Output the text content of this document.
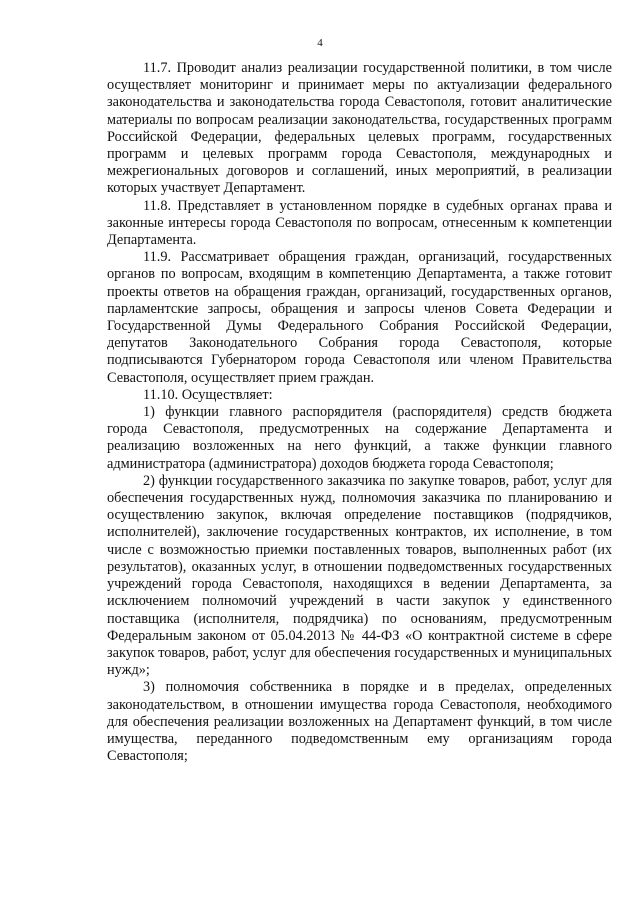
4

11.7. Проводит анализ реализации государственной политики, в том числе осуществляет мониторинг и принимает меры по актуализации федерального законодательства и законодательства города Севастополя, готовит аналитические материалы по вопросам реализации законодательства, государственных программ Российской Федерации, федеральных целевых программ, государственных программ и целевых программ города Севастополя, международных и межрегиональных договоров и соглашений, иных мероприятий, в реализации которых участвует Департамент.

11.8. Представляет в установленном порядке в судебных органах права и законные интересы города Севастополя по вопросам, отнесенным к компетенции Департамента.

11.9. Рассматривает обращения граждан, организаций, государственных органов по вопросам, входящим в компетенцию Департамента, а также готовит проекты ответов на обращения граждан, организаций, государственных органов, парламентские запросы, обращения и запросы членов Совета Федерации и Государственной Думы Федерального Собрания Российской Федерации, депутатов Законодательного Собрания города Севастополя, которые подписываются Губернатором города Севастополя или членом Правительства Севастополя, осуществляет прием граждан.

11.10. Осуществляет:

1) функции главного распорядителя (распорядителя) средств бюджета города Севастополя, предусмотренных на содержание Департамента и реализацию возложенных на него функций, а также функции главного администратора (администратора) доходов бюджета города Севастополя;

2) функции государственного заказчика по закупке товаров, работ, услуг для обеспечения государственных нужд, полномочия заказчика по планированию и осуществлению закупок, включая определение поставщиков (подрядчиков, исполнителей), заключение государственных контрактов, их исполнение, в том числе с возможностью приемки поставленных товаров, выполненных работ (их результатов), оказанных услуг, в отношении подведомственных государственных учреждений города Севастополя, находящихся в ведении Департамента, за исключением полномочий учреждений в части закупок у единственного поставщика (исполнителя, подрядчика) по основаниям, предусмотренным Федеральным законом от 05.04.2013 № 44-ФЗ «О контрактной системе в сфере закупок товаров, работ, услуг для обеспечения государственных и муниципальных нужд»;

3) полномочия собственника в порядке и в пределах, определенных законодательством, в отношении имущества города Севастополя, необходимого для обеспечения реализации возложенных на Департамент функций, в том числе имущества, переданного подведомственным ему организациям города Севастополя;
